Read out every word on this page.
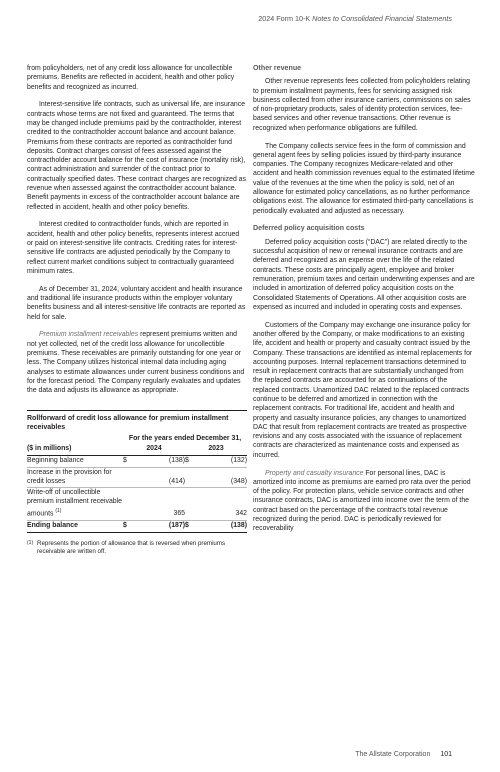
2024 Form 10-K Notes to Consolidated Financial Statements

from policyholders, net of any credit loss allowance for uncollectible premiums. Benefits are reflected in accident, health and other policy benefits and recognized as incurred.

Interest-sensitive life contracts, such as universal life, are insurance contracts whose terms are not fixed and guaranteed. The terms that may be changed include premiums paid by the contractholder, interest credited to the contractholder account balance and account balance. Premiums from these contracts are reported as contractholder fund deposits. Contract charges consist of fees assessed against the contractholder account balance for the cost of insurance (mortality risk), contract administration and surrender of the contract prior to contractually specified dates. These contract charges are recognized as revenue when assessed against the contractholder account balance. Benefit payments in excess of the contractholder account balance are reflected in accident, health and other policy benefits.

Interest credited to contractholder funds, which are reported in accident, health and other policy benefits, represents interest accrued or paid on interest-sensitive life contracts. Crediting rates for interest-sensitive life contracts are adjusted periodically by the Company to reflect current market conditions subject to contractually guaranteed minimum rates.

As of December 31, 2024, voluntary accident and health insurance and traditional life insurance products within the employer voluntary benefits business and all interest-sensitive life contracts are reported as held for sale.

Premium installment receivables represent premiums written and not yet collected, net of the credit loss allowance for uncollectible premiums. These receivables are primarily outstanding for one year or less. The Company utilizes historical internal data including aging analyses to estimate allowances under current business conditions and for the forecast period. The Company regularly evaluates and updates the data and adjusts its allowance as appropriate.

Rollforward of credit loss allowance for premium installment receivables
	For the years ended December 31,			
($ in millions)	2024		2023	
Beginning balance	$	(138)	$	(132)
Increase in the provision for credit losses		(414)		(348)
Write-off of uncollectible premium installment receivable amounts $^{(1)}$		365		342
Ending balance	$	(187)	$	(138)
(1) Represents the portion of allowance that is reversed when premiums receivable are written off.
Other revenue

Other revenue represents fees collected from policyholders relating to premium installment payments, fees for servicing assigned risk business collected from other insurance carriers, commissions on sales of non-proprietary products, sales of identity protection services, fee-based services and other revenue transactions. Other revenue is recognized when performance obligations are fulfilled.

The Company collects service fees in the form of commission and general agent fees by selling policies issued by third-party insurance companies. The Company recognizes Medicare-related and other accident and health commission revenues equal to the estimated lifetime value of the revenues at the time when the policy is sold, net of an allowance for estimated policy cancellations, as no further performance obligations exist. The allowance for estimated third-party cancellations is periodically evaluated and adjusted as necessary.

Deferred policy acquisition costs

Deferred policy acquisition costs (“DAC”) are related directly to the successful acquisition of new or renewal insurance contracts and are deferred and recognized as an expense over the life of the related contracts. These costs are principally agent, employee and broker remuneration, premium taxes and certain underwriting expenses and are included in amortization of deferred policy acquisition costs on the Consolidated Statements of Operations. All other acquisition costs are expensed as incurred and included in operating costs and expenses.

Customers of the Company may exchange one insurance policy for another offered by the Company, or make modifications to an existing life, accident and health or property and casualty contract issued by the Company. These transactions are identified as internal replacements for accounting purposes. Internal replacement transactions determined to result in replacement contracts that are substantially unchanged from the replaced contracts are accounted for as continuations of the replaced contracts. Unamortized DAC related to the replaced contracts continue to be deferred and amortized in connection with the replacement contracts. For traditional life, accident and health and property and casualty insurance policies, any changes to unamortized DAC that result from replacement contracts are treated as prospective revisions and any costs associated with the issuance of replacement contracts are characterized as maintenance costs and expensed as incurred.

Property and casualty insurance For personal lines, DAC is amortized into income as premiums are earned pro rata over the period of the policy. For protection plans, vehicle service contracts and other insurance contracts, DAC is amortized into income over the term of the contract based on the percentage of the contract’s total revenue recognized during the period. DAC is periodically reviewed for recoverability

The Allstate Corporation 101
